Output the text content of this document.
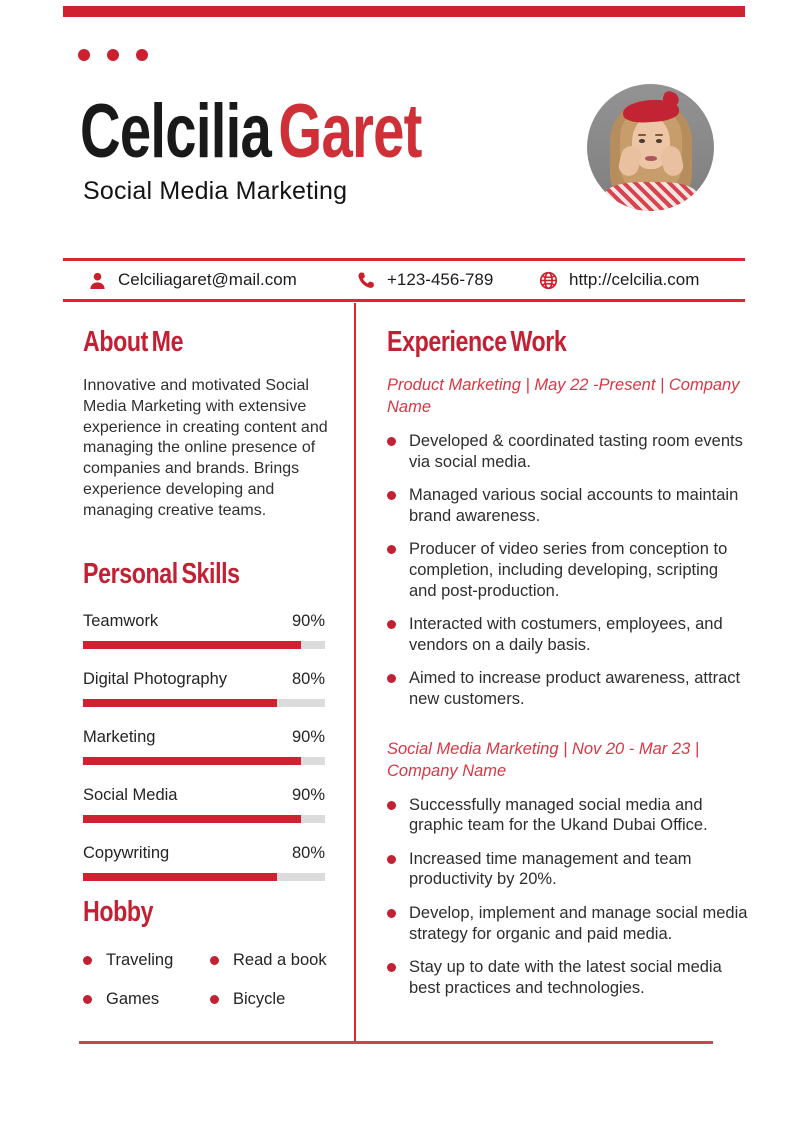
CelciliaGaret
Social Media Marketing
Celciliagaret@mail.com	+123-456-789	http://celcilia.com
About Me

Innovative and motivated Social Media Marketing with extensive experience in creating content and managing the online presence of companies and brands. Brings experience developing and managing creative teams.

Personal Skills
Teamwork	90%
Digital Photography	80%
Marketing	90%
Social Media	90%
Copywriting	80%
Hobby
Traveling	Read a book
Games	Bicycle
Experience Work
Product Marketing | May 22 -Present | Company Name
Developed & coordinated tasting room events via social media.
Managed various social accounts to maintain brand awareness.
Producer of video series from conception to completion, including developing, scripting and post-production.
Interacted with costumers, employees, and vendors on a daily basis.
Aimed to increase product awareness, attract new customers.
Social Media Marketing | Nov 20 - Mar 23 | Company Name
Successfully managed social media and graphic team for the Ukand Dubai Office.
Increased time management and team productivity by 20%.
Develop, implement and manage social media strategy for organic and paid media.
Stay up to date with the latest social media best practices and technologies.
